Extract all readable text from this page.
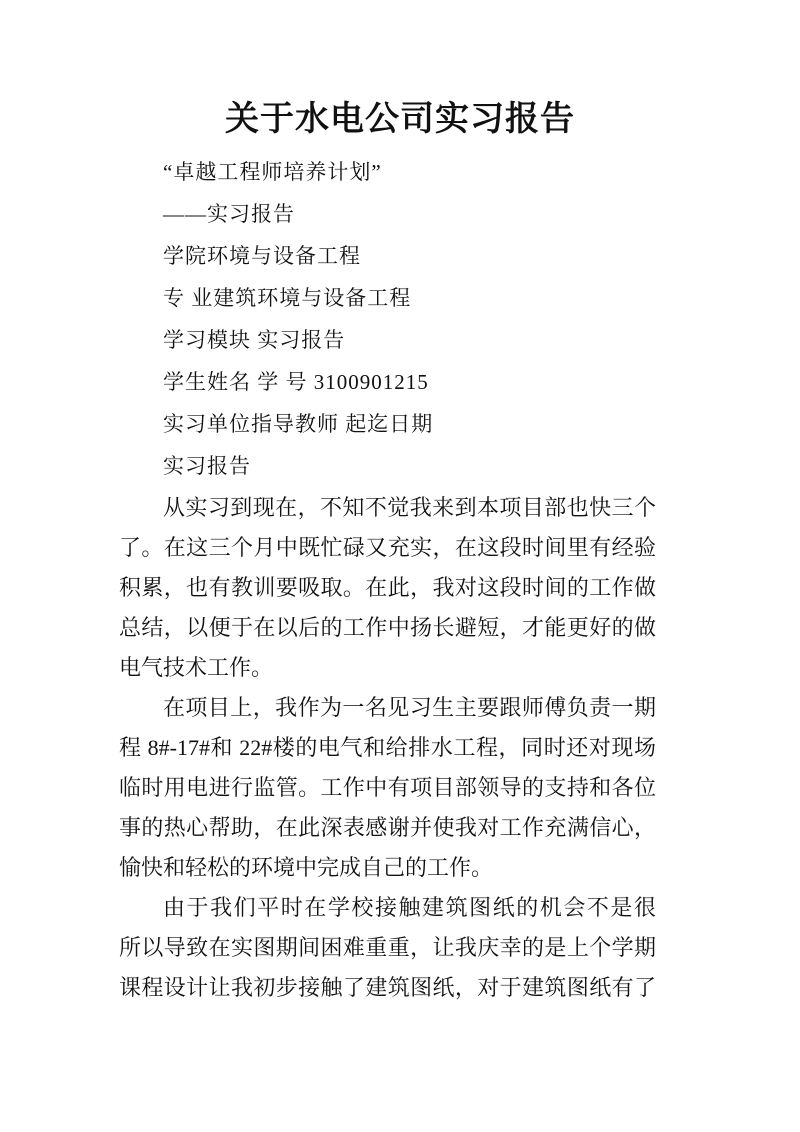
关于水电公司实习报告
“卓越工程师培养计划”
——实习报告
学院环境与设备工程
专 业建筑环境与设备工程
学习模块 实习报告
学生姓名 学 号 3100901215
实习单位指导教师 起迄日期
实习报告
从实习到现在，不知不觉我来到本项目部也快三个
了。在这三个月中既忙碌又充实，在这段时间里有经验
积累，也有教训要吸取。在此，我对这段时间的工作做
总结，以便于在以后的工作中扬长避短，才能更好的做
电气技术工作。
在项目上，我作为一名见习生主要跟师傅负责一期
程 8#-17#和 22#楼的电气和给排水工程，同时还对现场
临时用电进行监管。工作中有项目部领导的支持和各位
事的热心帮助，在此深表感谢并使我对工作充满信心，
愉快和轻松的环境中完成自己的工作。
由于我们平时在学校接触建筑图纸的机会不是很
所以导致在实图期间困难重重，让我庆幸的是上个学期
课程设计让我初步接触了建筑图纸，对于建筑图纸有了
